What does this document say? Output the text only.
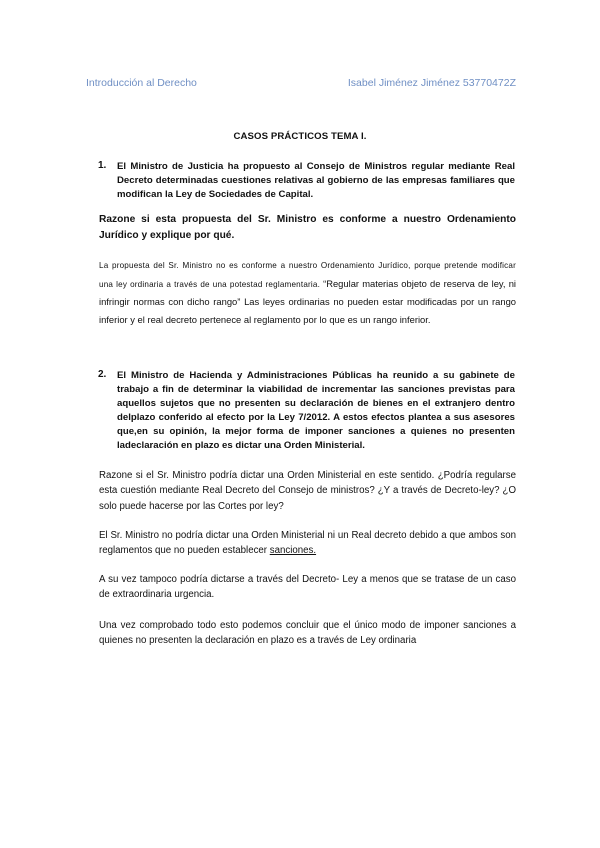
Introducción al Derecho	Isabel Jiménez Jiménez 53770472Z
CASOS PRÁCTICOS TEMA I.
1. El Ministro de Justicia ha propuesto al Consejo de Ministros regular mediante Real Decreto determinadas cuestiones relativas al gobierno de las empresas familiares que modifican la Ley de Sociedades de Capital.
Razone si esta propuesta del Sr. Ministro es conforme a nuestro Ordenamiento Jurídico y explique por qué.
La propuesta del Sr. Ministro no es conforme a nuestro Ordenamiento Jurídico, porque pretende modificar una ley ordinaria a través de una potestad reglamentaria. “Regular materias objeto de reserva de ley, ni infringir normas con dicho rango” Las leyes ordinarias no pueden estar modificadas por un rango inferior y el real decreto pertenece al reglamento por lo que es un rango inferior.
2. El Ministro de Hacienda y Administraciones Públicas ha reunido a su gabinete de trabajo a fin de determinar la viabilidad de incrementar las sanciones previstas para aquellos sujetos que no presenten su declaración de bienes en el extranjero dentro delplazo conferido al efecto por la Ley 7/2012. A estos efectos plantea a sus asesores que,en su opinión, la mejor forma de imponer sanciones a quienes no presenten ladeclaración en plazo es dictar una Orden Ministerial.
Razone si el Sr. Ministro podría dictar una Orden Ministerial en este sentido. ¿Podría regularse esta cuestión mediante Real Decreto del Consejo de ministros? ¿Y a través de Decreto-ley? ¿O solo puede hacerse por las Cortes por ley?
El Sr. Ministro no podría dictar una Orden Ministerial ni un Real decreto debido a que ambos son reglamentos que no pueden establecer sanciones.
A su vez tampoco podría dictarse a través del Decreto- Ley a menos que se tratase de un caso de extraordinaria urgencia.
Una vez comprobado todo esto podemos concluir que el único modo de imponer sanciones a quienes no presenten la declaración en plazo es a través de Ley ordinaria
